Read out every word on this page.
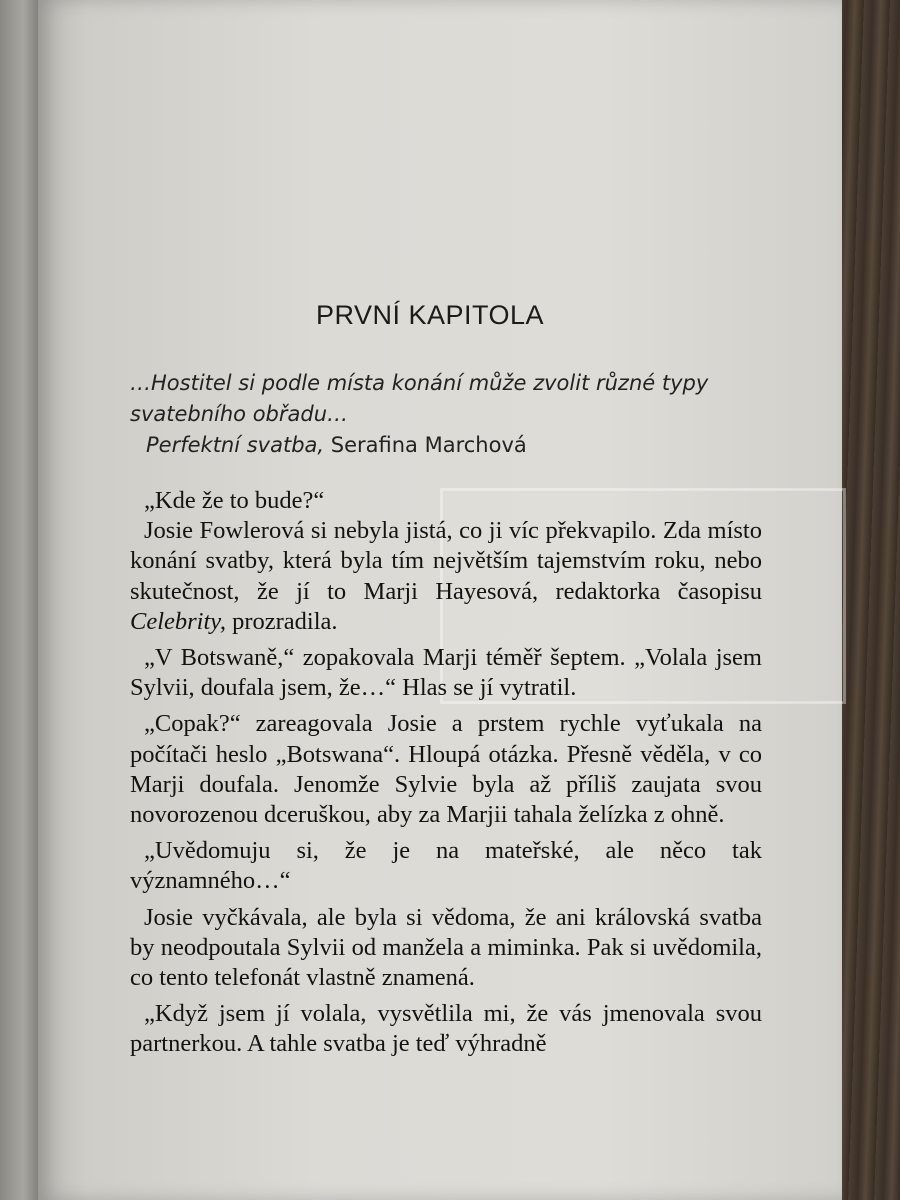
PRVNÍ KAPITOLA
…Hostitel si podle místa konání může zvolit různé typy
svatebního obřadu…
Perfektní svatba, Serafina Marchová

„Kde že to bude?“

Josie Fowlerová si nebyla jistá, co ji víc překvapilo. Zda místo konání svatby, která byla tím největším tajemstvím roku, nebo skutečnost, že jí to Marji Hayesová, redaktorka časopisu Celebrity, prozradila.

„V Botswaně,“ zopakovala Marji téměř šeptem. „Volala jsem Sylvii, doufala jsem, že…“ Hlas se jí vytratil.

„Copak?“ zareagovala Josie a prstem rychle vyťukala na počítači heslo „Botswana“. Hloupá otázka. Přesně věděla, v co Marji doufala. Jenomže Sylvie byla až příliš zaujata svou novorozenou dceruškou, aby za Marjii tahala želízka z ohně.

„Uvědomuju si, že je na mateřské, ale něco tak významného…“

Josie vyčkávala, ale byla si vědoma, že ani královská svatba by neodpoutala Sylvii od manžela a miminka. Pak si uvědomila, co tento telefonát vlastně znamená.

„Když jsem jí volala, vysvětlila mi, že vás jmenovala svou partnerkou. A tahle svatba je teď výhradně
